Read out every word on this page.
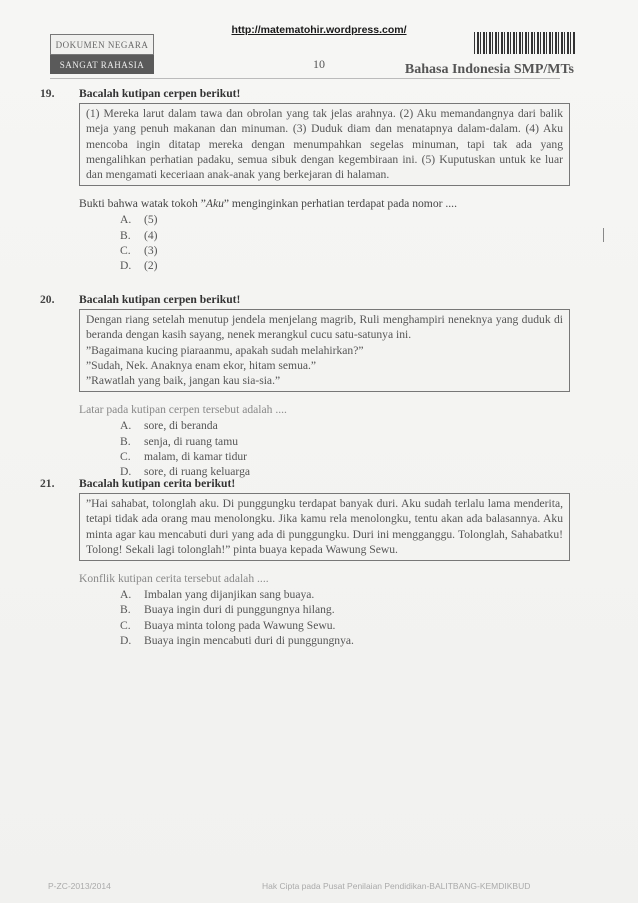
http://matematohir.wordpress.com/
DOKUMEN NEGARA
SANGAT RAHASIA	10	Bahasa Indonesia SMP/MTs
19.	Bacalah kutipan cerpen berikut!

(1) Mereka larut dalam tawa dan obrolan yang tak jelas arahnya. (2) Aku memandangnya dari balik meja yang penuh makanan dan minuman. (3) Duduk diam dan menatapnya dalam-dalam. (4) Aku mencoba ingin ditatap mereka dengan menumpahkan segelas minuman, tapi tak ada yang mengalihkan perhatian padaku, semua sibuk dengan kegembiraan ini. (5) Kuputuskan untuk ke luar dan mengamati keceriaan anak-anak yang berkejaran di halaman.

Bukti bahwa watak tokoh ”Aku” menginginkan perhatian terdapat pada nomor ....
A.	(5)
B.	(4)
C.	(3)
D.	(2)
20.	Bacalah kutipan cerpen berikut!

Dengan riang setelah menutup jendela menjelang magrib, Ruli menghampiri neneknya yang duduk di beranda dengan kasih sayang, nenek merangkul cucu satu-satunya ini.

”Bagaimana kucing piaraanmu, apakah sudah melahirkan?”

”Sudah, Nek. Anaknya enam ekor, hitam semua.”

”Rawatlah yang baik, jangan kau sia-sia.”

Latar pada kutipan cerpen tersebut adalah ....
A.	sore, di beranda
B.	senja, di ruang tamu
C.	malam, di kamar tidur
D.	sore, di ruang keluarga
21.	Bacalah kutipan cerita berikut!

”Hai sahabat, tolonglah aku. Di punggungku terdapat banyak duri. Aku sudah terlalu lama menderita, tetapi tidak ada orang mau menolongku. Jika kamu rela menolongku, tentu akan ada balasannya. Aku minta agar kau mencabuti duri yang ada di punggungku. Duri ini mengganggu. Tolonglah, Sahabatku! Tolong! Sekali lagi tolonglah!” pinta buaya kepada Wawung Sewu.

Konflik kutipan cerita tersebut adalah ....
A.	Imbalan yang dijanjikan sang buaya.
B.	Buaya ingin duri di punggungnya hilang.
C.	Buaya minta tolong pada Wawung Sewu.
D.	Buaya ingin mencabuti duri di punggungnya.
P-ZC-2013/2014	Hak Cipta pada Pusat Penilaian Pendidikan-BALITBANG-KEMDIKBUD
